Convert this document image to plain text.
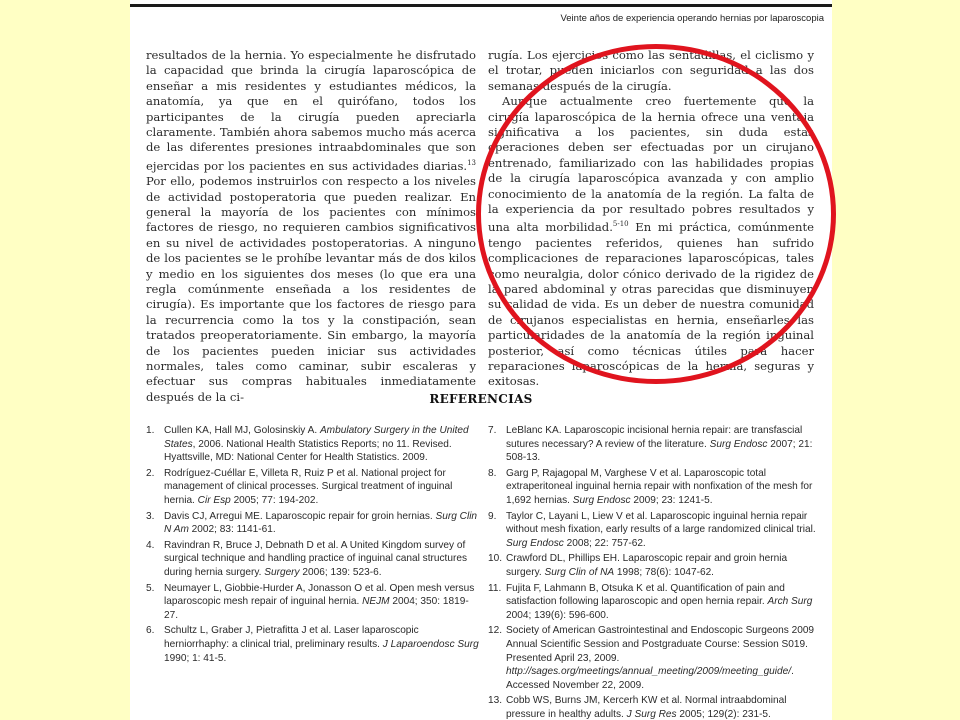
Veinte años de experiencia operando hernias por laparoscopia

resultados de la hernia. Yo especialmente he disfrutado la capacidad que brinda la cirugía laparoscópica de enseñar a mis residentes y estudiantes médicos, la anatomía, ya que en el quirófano, todos los participantes de la cirugía pueden apreciarla claramente. También ahora sabemos mucho más acerca de las diferentes presiones intraabdominales que son ejercidas por los pacientes en sus actividades diarias.$^{13}$ Por ello, podemos instruirlos con respecto a los niveles de actividad postoperatoria que pueden realizar. En general la mayoría de los pacientes con mínimos factores de riesgo, no requieren cambios significativos en su nivel de actividades postoperatorias. A ninguno de los pacientes se le prohíbe levantar más de dos kilos y medio en los siguientes dos meses (lo que era una regla comúnmente enseñada a los residentes de cirugía). Es importante que los factores de riesgo para la recurrencia como la tos y la constipación, sean tratados preoperatoriamente. Sin embargo, la mayoría de los pacientes pueden iniciar sus actividades normales, tales como caminar, subir escaleras y efectuar sus compras habituales inmediatamente después de la ci-

rugía. Los ejercicios como las sentadillas, el ciclismo y el trotar, pueden iniciarlos con seguridad a las dos semanas después de la cirugía.

Aunque actualmente creo fuertemente que la cirugía laparoscópica de la hernia ofrece una ventaja significativa a los pacientes, sin duda estas operaciones deben ser efectuadas por un cirujano entrenado, familiarizado con las habilidades propias de la cirugía laparoscópica avanzada y con amplio conocimiento de la anatomía de la región. La falta de la experiencia da por resultado pobres resultados y una alta morbilidad.$^{5-10}$ En mi práctica, comúnmente tengo pacientes referidos, quienes han sufrido complicaciones de reparaciones laparoscópicas, tales como neuralgia, dolor cónico derivado de la rigidez de la pared abdominal y otras parecidas que disminuyen su calidad de vida. Es un deber de nuestra comunidad de cirujanos especialistas en hernia, enseñarles las particularidades de la anatomía de la región inguinal posterior, así como técnicas útiles para hacer reparaciones laparoscópicas de la hernia, seguras y exitosas.

REFERENCIAS
1. Cullen KA, Hall MJ, Golosinskiy A. Ambulatory Surgery in the United States, 2006. National Health Statistics Reports; no 11. Revised. Hyattsville, MD: National Center for Health Statistics. 2009.
2. Rodríguez-Cuéllar E, Villeta R, Ruiz P et al. National project for management of clinical processes. Surgical treatment of inguinal hernia. Cir Esp 2005; 77: 194-202.
3. Davis CJ, Arregui ME. Laparoscopic repair for groin hernias. Surg Clin N Am 2002; 83: 1141-61.
4. Ravindran R, Bruce J, Debnath D et al. A United Kingdom survey of surgical technique and handling practice of inguinal canal structures during hernia surgery. Surgery 2006; 139: 523-6.
5. Neumayer L, Giobbie-Hurder A, Jonasson O et al. Open mesh versus laparoscopic mesh repair of inguinal hernia. NEJM 2004; 350: 1819-27.
6. Schultz L, Graber J, Pietrafitta J et al. Laser laparoscopic herniorrhaphy: a clinical trial, preliminary results. J Laparoendosc Surg 1990; 1: 41-5.
7. LeBlanc KA. Laparoscopic incisional hernia repair: are transfascial sutures necessary? A review of the literature. Surg Endosc 2007; 21: 508-13.
8. Garg P, Rajagopal M, Varghese V et al. Laparoscopic total extraperitoneal inguinal hernia repair with nonfixation of the mesh for 1,692 hernias. Surg Endosc 2009; 23: 1241-5.
9. Taylor C, Layani L, Liew V et al. Laparoscopic inguinal hernia repair without mesh fixation, early results of a large randomized clinical trial. Surg Endosc 2008; 22: 757-62.
10. Crawford DL, Phillips EH. Laparoscopic repair and groin hernia surgery. Surg Clin of NA 1998; 78(6): 1047-62.
11. Fujita F, Lahmann B, Otsuka K et al. Quantification of pain and satisfaction following laparoscopic and open hernia repair. Arch Surg 2004; 139(6): 596-600.
12. Society of American Gastrointestinal and Endoscopic Surgeons 2009 Annual Scientific Session and Postgraduate Course: Session S019. Presented April 23, 2009. http://sages.org/meetings/annual_meeting/2009/meeting_guide/. Accessed November 22, 2009.
13. Cobb WS, Burns JM, Kercerh KW et al. Normal intraabdominal pressure in healthy adults. J Surg Res 2005; 129(2): 231-5.
